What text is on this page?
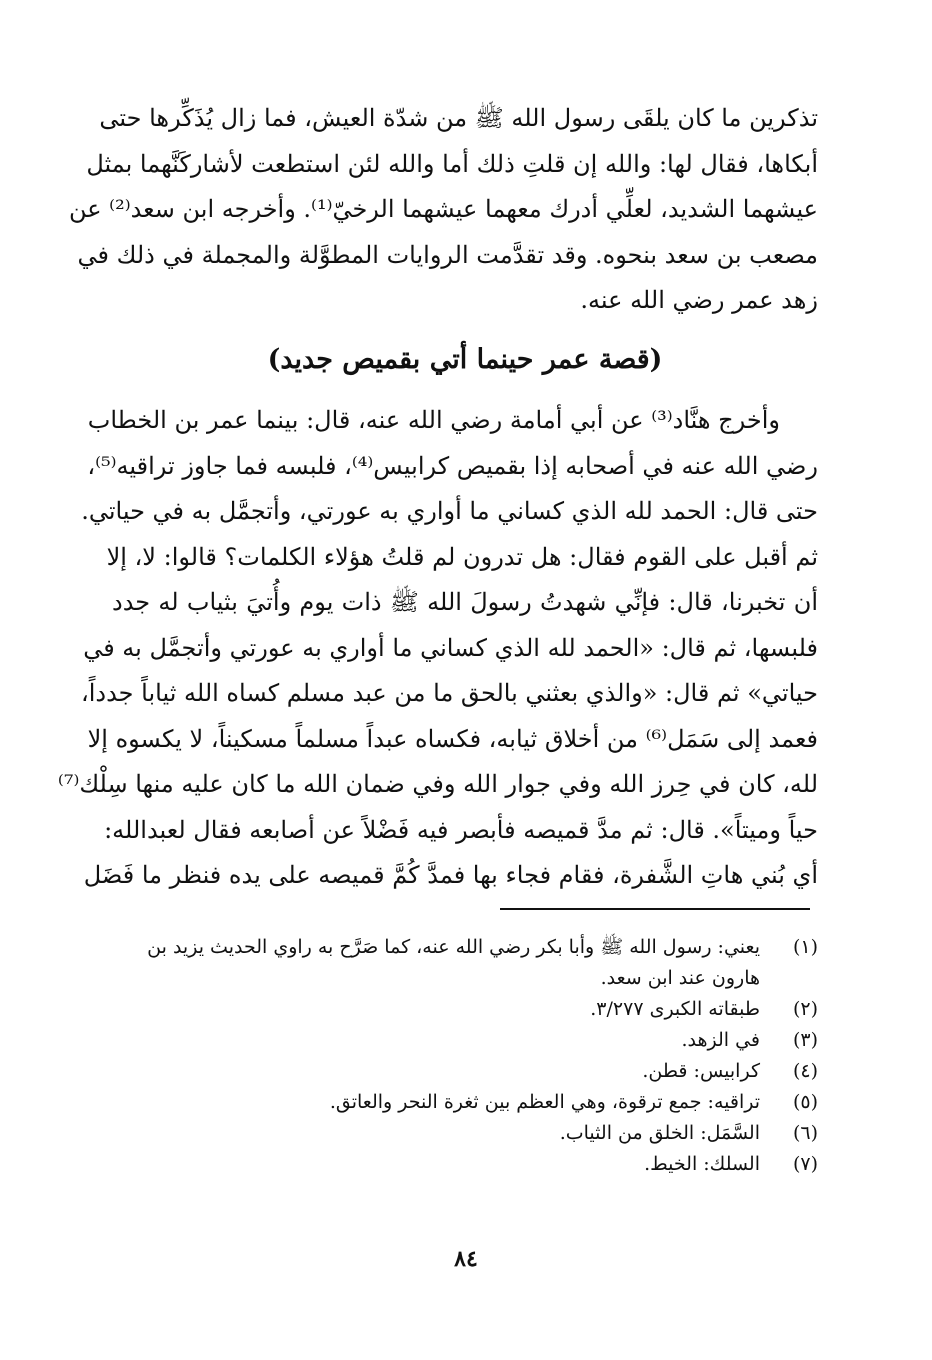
تذكرين ما كان يلقَى رسول الله ﷺ من شدّة العيش، فما زال يُذَكِّرها حتى
أبكاها، فقال لها: والله إن قلتِ ذلك أما والله لئن استطعت لأشاركَنَّهما بمثل
عيشهما الشديد، لعلِّي أدرك معهما عيشهما الرخيّ⁽¹⁾. وأخرجه ابن سعد⁽²⁾ عن
مصعب بن سعد بنحوه. وقد تقدَّمت الروايات المطوَّلة والمجملة في ذلك في
زهد عمر رضي الله عنه.
(قصة عمر حينما أتي بقميص جديد)
وأخرج هنَّاد⁽³⁾ عن أبي أمامة رضي الله عنه، قال: بينما عمر بن الخطاب
رضي الله عنه في أصحابه إذا بقميص كرابيس⁽⁴⁾، فلبسه فما جاوز تراقيه⁽⁵⁾،
حتى قال: الحمد لله الذي كساني ما أواري به عورتي، وأتجمَّل به في حياتي.
ثم أقبل على القوم فقال: هل تدرون لم قلتُ هؤلاء الكلمات؟ قالوا: لا، إلا
أن تخبرنا، قال: فإنِّي شهدتُ رسولَ الله ﷺ ذات يوم وأُتيَ بثياب له جدد
فلبسها، ثم قال: «الحمد لله الذي كساني ما أواري به عورتي وأتجمَّل به في
حياتي» ثم قال: «والذي بعثني بالحق ما من عبد مسلم كساه الله ثياباً جدداً،
فعمد إلى سَمَل⁽⁶⁾ من أخلاق ثيابه، فكساه عبداً مسلماً مسكيناً، لا يكسوه إلا
لله، كان في حِرز الله وفي جوار الله وفي ضمان الله ما كان عليه منها سِلْك⁽⁷⁾
حياً وميتاً». قال: ثم مدَّ قميصه فأبصر فيه فَضْلاً عن أصابعه فقال لعبدالله:
أي بُني هاتِ الشَّفرة، فقام فجاء بها فمدَّ كُمَّ قميصه على يده فنظر ما فَضَل
(١)
يعني: رسول الله ﷺ وأبا بكر رضي الله عنه، كما صَرَّح به راوي الحديث يزيد بن هارون عند ابن سعد.
(٢)
طبقاته الكبرى ٣/٢٧٧.
(٣)
في الزهد.
(٤)
كرابيس: قطن.
(٥)
تراقيه: جمع ترقوة، وهي العظم بين ثغرة النحر والعاتق.
(٦)
السَّمَل: الخلق من الثياب.
(٧)
السلك: الخيط.
٨٤
